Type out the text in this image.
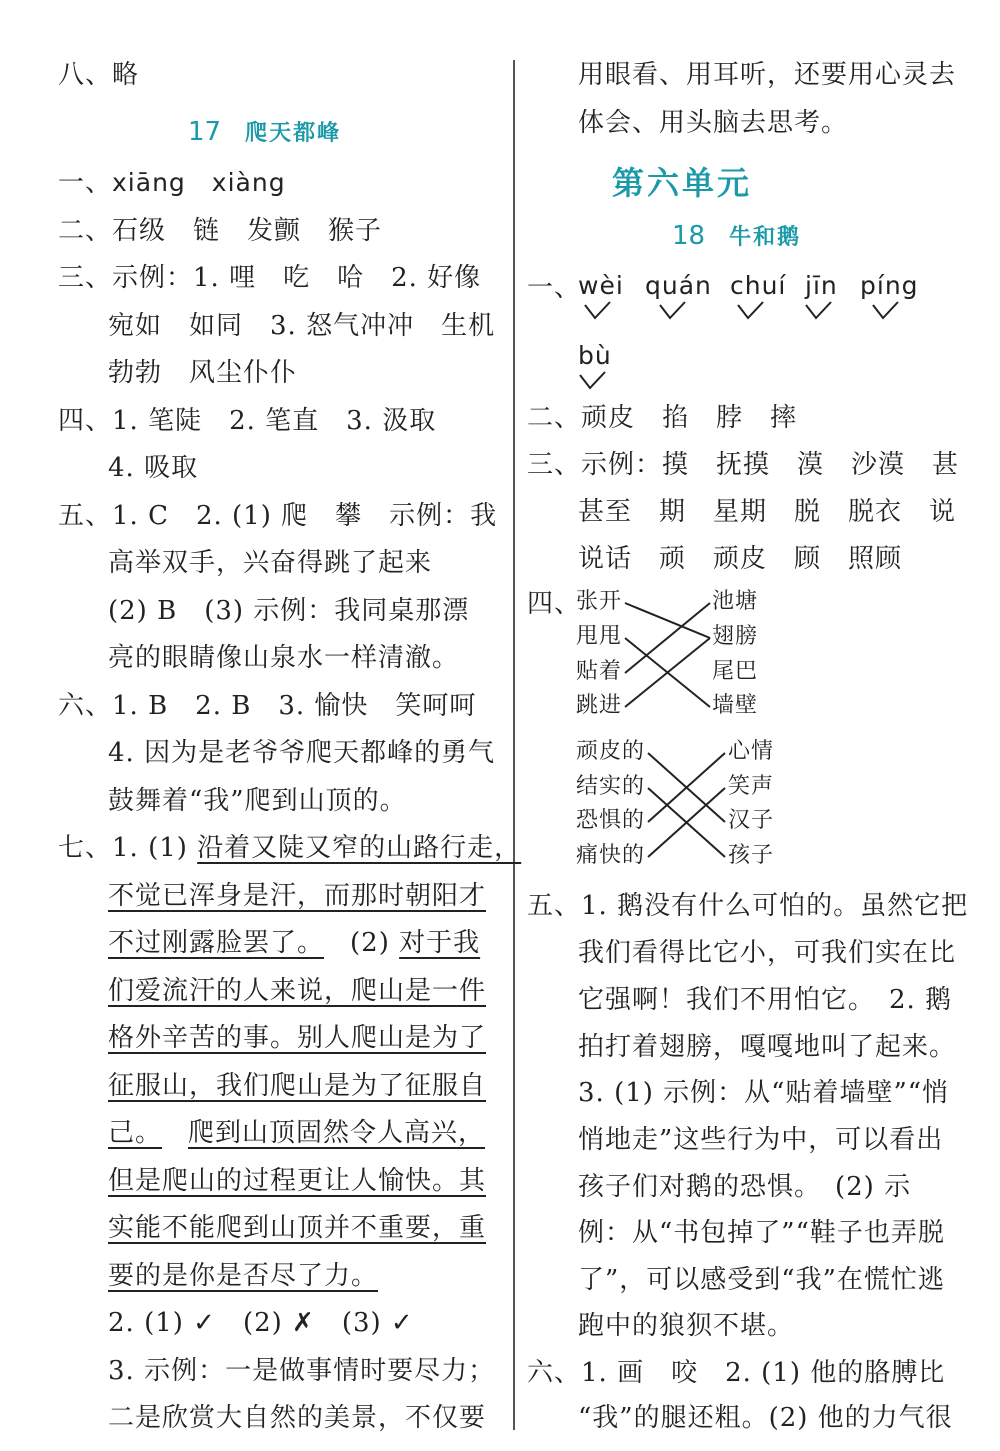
八、略
17 爬天都峰
一、xiāng　xiàng
二、石级　链　发颤　猴子
三、示例：1. 哩　吃　哈　2. 好像
宛如　如同　3. 怒气冲冲　生机
勃勃　风尘仆仆
四、1. 笔陡　2. 笔直　3. 汲取
4. 吸取
五、1. C　2. (1) 爬　攀　示例：我
高举双手，兴奋得跳了起来
(2) B　(3) 示例：我同桌那漂
亮的眼睛像山泉水一样清澈。
六、1. B　2. B　3. 愉快　笑呵呵
4. 因为是老爷爷爬天都峰的勇气
鼓舞着“我”爬到山顶的。
七、1. (1) 沿着又陡又窄的山路行走，
不觉已浑身是汗，而那时朝阳才
不过刚露脸罢了。 (2) 对于我
们爱流汗的人来说，爬山是一件
格外辛苦的事。别人爬山是为了
征服山，我们爬山是为了征服自
己。 爬到山顶固然令人高兴，
但是爬山的过程更让人愉快。其
实能不能爬到山顶并不重要，重
要的是你是否尽了力。
2. (1) ✓　(2) ✗　(3) ✓
3. 示例：一是做事情时要尽力；
二是欣赏大自然的美景，不仅要
用眼看、用耳听，还要用心灵去
体会、用头脑去思考。
第六单元
18 牛和鹅
一、
wèi quán chuí jīn píng
bù
二、顽皮　掐　脖　摔
三、示例：摸　抚摸　漠　沙漠　甚
甚至　期　星期　脱　脱衣　说
说话　顽　顽皮　顾　照顾
四、
张开
甩甩
贴着
跳进
池塘
翅膀
尾巴
墙壁
顽皮的
结实的
恐惧的
痛快的
心情
笑声
汉子
孩子
五、1. 鹅没有什么可怕的。虽然它把
我们看得比它小，可我们实在比
它强啊！我们不用怕它。　2. 鹅
拍打着翅膀，嘎嘎地叫了起来。
3. (1) 示例：从“贴着墙壁”“悄
悄地走”这些行为中，可以看出
孩子们对鹅的恐惧。　(2) 示
例：从“书包掉了”“鞋子也弄脱
了”，可以感受到“我”在慌忙逃
跑中的狼狈不堪。
六、1. 画　咬　2. (1) 他的胳膊比
“我”的腿还粗。(2) 他的力气很
